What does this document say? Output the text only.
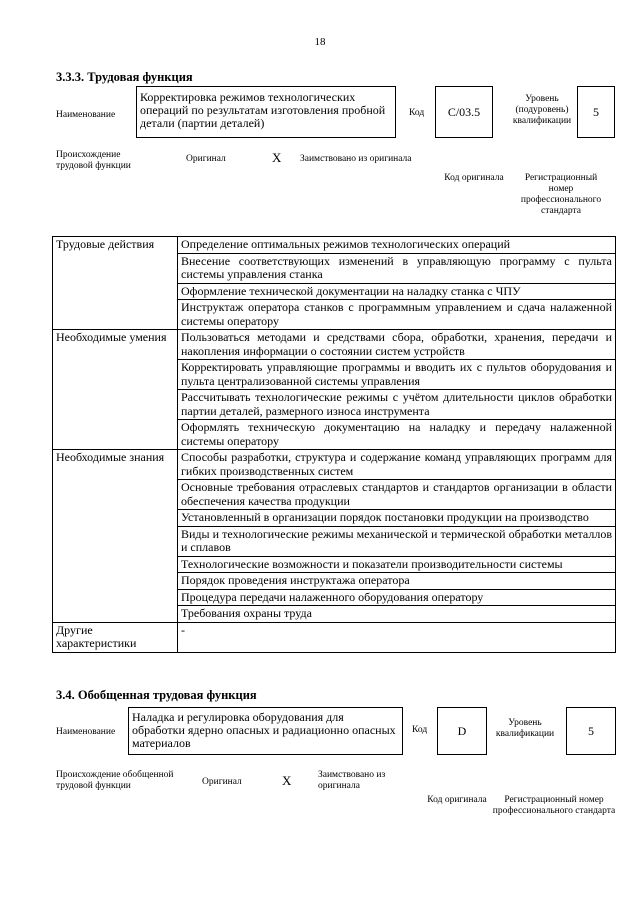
18
3.3.3. Трудовая функция
Наименование
Корректировка режимов технологических операций по результатам изготовления пробной детали (партии деталей)
Код	C/03.5
Уровень (подуровень) квалификации
5
Происхождение трудовой функции
Оригинал	X Заимствовано из оригинала
Код оригинала	Регистрационный номер профессионального стандарта
Трудовые действия	Определение оптимальных режимов технологических операций
	Внесение соответствующих изменений в управляющую программу с пульта системы управления станка
	Оформление технической документации на наладку станка с ЧПУ
	Инструктаж оператора станков с программным управлением и сдача налаженной системы оператору
Необходимые умения	Пользоваться методами и средствами сбора, обработки, хранения, передачи и накопления информации о состоянии систем устройств
	Корректировать управляющие программы и вводить их с пультов оборудования и пульта централизованной системы управления
	Рассчитывать технологические режимы с учётом длительности циклов обработки партии деталей, размерного износа инструмента
	Оформлять техническую документацию на наладку и передачу налаженной системы оператору
Необходимые знания	Способы разработки, структура и содержание команд управляющих программ для гибких производственных систем
	Основные требования отраслевых стандартов и стандартов организации в области обеспечения качества продукции
	Установленный в организации порядок постановки продукции на производство
	Виды и технологические режимы механической и термической обработки металлов и сплавов
	Технологические возможности и показатели производительности системы
	Порядок проведения инструктажа оператора
	Процедура передачи налаженного оборудования оператору
	Требования охраны труда
Другие характеристики	-
3.4. Обобщенная трудовая функция
Наименование
Наладка и регулировка оборудования для обработки ядерно опасных и радиационно опасных материалов
Код	D
Уровень квалификации	5
Происхождение обобщенной трудовой функции	Оригинал	X	Заимствовано из оригинала
Код оригинала	Регистрационный номер профессионального стандарта
